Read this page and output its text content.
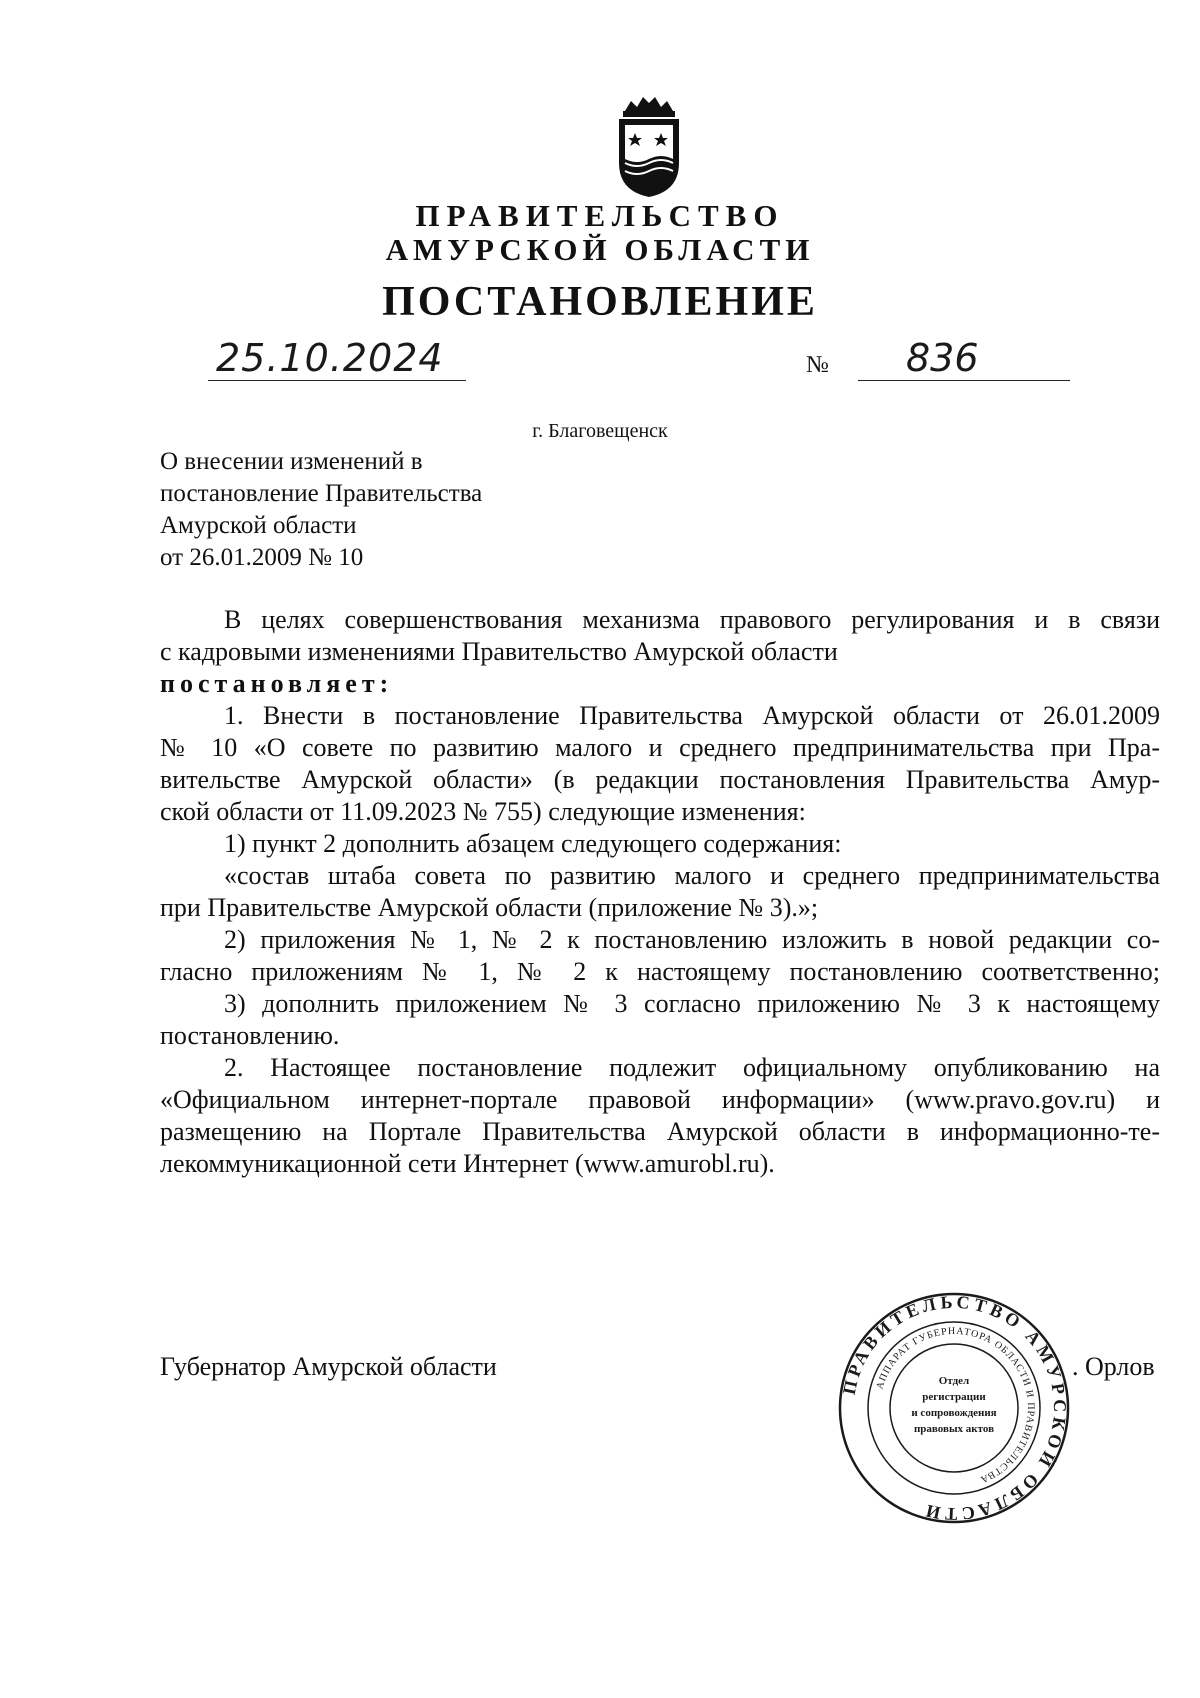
ПРАВИТЕЛЬСТВО
АМУРСКОЙ ОБЛАСТИ
ПОСТАНОВЛЕНИЕ
25.10.2024	№ 836
г. Благовещенск
О внесении изменений в
постановление Правительства
Амурской области
от 26.01.2009 № 10
В целях совершенствования механизма правового регулирования и в связи
с кадровыми изменениями Правительство Амурской области
постановляет:
1. Внести в постановление Правительства Амурской области от 26.01.2009
№ 10 «О совете по развитию малого и среднего предпринимательства при Пра-
вительстве Амурской области» (в редакции постановления Правительства Амур-
ской области от 11.09.2023 № 755) следующие изменения:
1) пункт 2 дополнить абзацем следующего содержания:
«состав штаба совета по развитию малого и среднего предпринимательства
при Правительстве Амурской области (приложение № 3).»;
2) приложения № 1, № 2 к постановлению изложить в новой редакции со-
гласно приложениям № 1, № 2 к настоящему постановлению соответственно;
3) дополнить приложением № 3 согласно приложению № 3 к настоящему
постановлению.
2. Настоящее постановление подлежит официальному опубликованию на
«Официальном интернет-портале правовой информации» (www.pravo.gov.ru) и
размещению на Портале Правительства Амурской области в информационно-те-
лекоммуникационной сети Интернет (www.amurobl.ru).
Губернатор Амурской области	. Орлов
ПРАВИТЕЛЬСТВО АМУРСКОЙ ОБЛАСТИ
АППАРАТ ГУБЕРНАТОРА ОБЛАСТИ И ПРАВИТЕЛЬСТВА
Отдел
регистрации
и сопровождения
правовых актов
